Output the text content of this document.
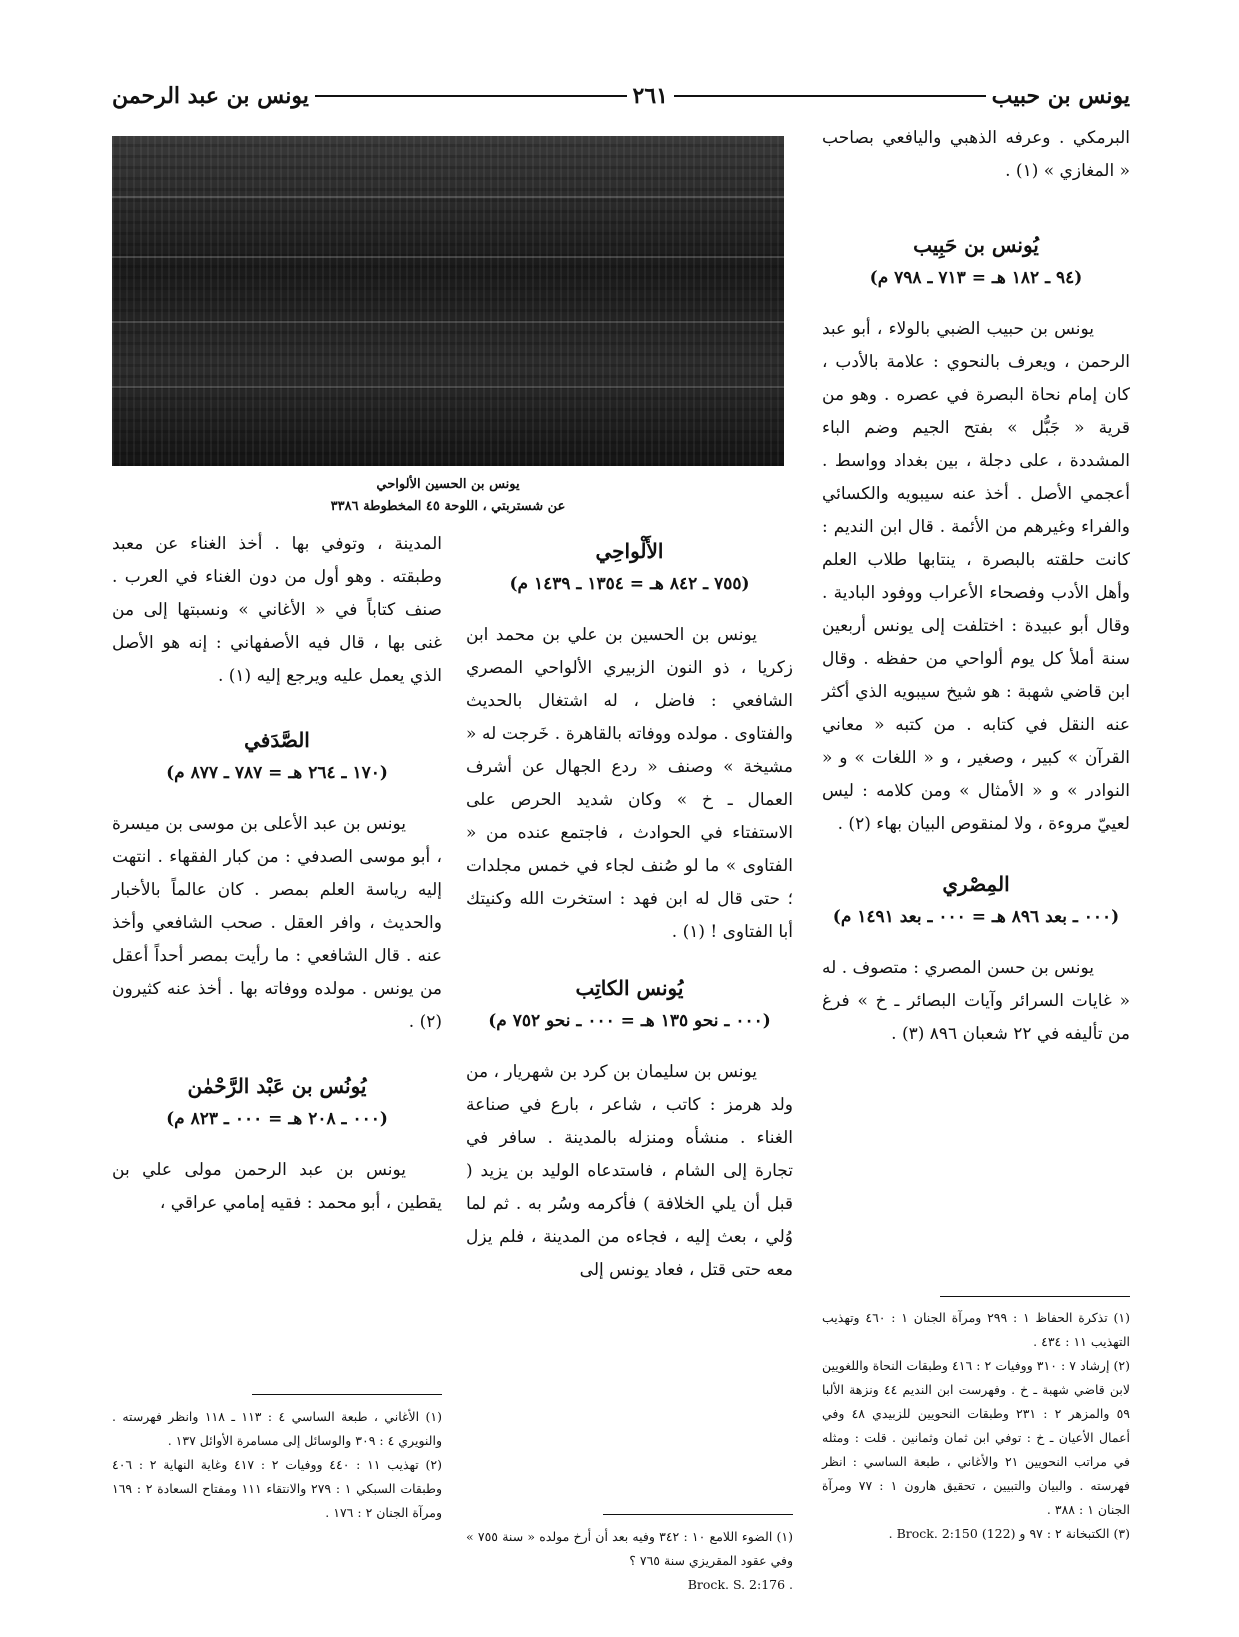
يونس بن عبد الرحمن	٢٦١	يونس بن حبيب
يونس بن الحسين الألواحي
عن شستربتي ، اللوحة ٤٥ المخطوطة ٣٣٨٦

البرمكي . وعرفه الذهبي واليافعي بصاحب « المغازي » (١) .

يُونس بن حَبِيب
(٩٤ ـ ١٨٢ هـ = ٧١٣ ـ ٧٩٨ م)

يونس بن حبيب الضبي بالولاء ، أبو عبد الرحمن ، ويعرف بالنحوي : علامة بالأدب ، كان إمام نحاة البصرة في عصره . وهو من قرية « جَبُّل » بفتح الجيم وضم الباء المشددة ، على دجلة ، بين بغداد وواسط . أعجمي الأصل . أخذ عنه سيبويه والكسائي والفراء وغيرهم من الأئمة . قال ابن النديم : كانت حلقته بالبصرة ، ينتابها طلاب العلم وأهل الأدب وفصحاء الأعراب ووفود البادية . وقال أبو عبيدة : اختلفت إلى يونس أربعين سنة أملأ كل يوم ألواحي من حفظه . وقال ابن قاضي شهبة : هو شيخ سيبويه الذي أكثر عنه النقل في كتابه . من كتبه « معاني القرآن » كبير ، وصغير ، و « اللغات » و « النوادر » و « الأمثال » ومن كلامه : ليس لعييّ مروءة ، ولا لمنقوص البيان بهاء (٢) .

المِصْري
(٠٠٠ ـ بعد ٨٩٦ هـ = ٠٠٠ ـ بعد ١٤٩١ م)

يونس بن حسن المصري : متصوف . له « غايات السرائر وآيات البصائر ـ خ » فرغ من تأليفه في ٢٢ شعبان ٨٩٦ (٣) .

(١) تذكرة الحفاظ ١ : ٢٩٩ ومرآة الجنان ١ : ٤٦٠ وتهذيب التهذيب ١١ : ٤٣٤ .
(٢) إرشاد ٧ : ٣١٠ ووفيات ٢ : ٤١٦ وطبقات النحاة واللغويين لابن قاضي شهبة ـ خ . وفهرست ابن النديم ٤٤ ونزهة الألبا ٥٩ والمزهر ٢ : ٢٣١ وطبقات النحويين للزبيدي ٤٨ وفي أعمال الأعيان ـ خ : توفي ابن ثمان وثمانين . قلت : ومثله في مراتب النحويين ٢١ والأغاني ، طبعة الساسي : انظر فهرسته . والبيان والتبيين ، تحقيق هارون ١ : ٧٧ ومرآة الجنان ١ : ٣٨٨ .
(٣) الكتبخانة ٢ : ٩٧ و (122) Brock. 2:150 .
الأَلْواحِي
(٧٥٥ ـ ٨٤٢ هـ = ١٣٥٤ ـ ١٤٣٩ م)

يونس بن الحسين بن علي بن محمد ابن زكريا ، ذو النون الزبيري الألواحي المصري الشافعي : فاضل ، له اشتغال بالحديث والفتاوى . مولده ووفاته بالقاهرة . خَرجت له « مشيخة » وصنف « ردع الجهال عن أشرف العمال ـ خ » وكان شديد الحرص على الاستفتاء في الحوادث ، فاجتمع عنده من « الفتاوى » ما لو صُنف لجاء في خمس مجلدات ؛ حتى قال له ابن فهد : استخرت الله وكنيتك أبا الفتاوى ! (١) .

يُونس الكاتِب
(٠٠٠ ـ نحو ١٣٥ هـ = ٠٠٠ ـ نحو ٧٥٢ م)

يونس بن سليمان بن كرد بن شهريار ، من ولد هرمز : كاتب ، شاعر ، بارع في صناعة الغناء . منشأه ومنزله بالمدينة . سافر في تجارة إلى الشام ، فاستدعاه الوليد بن يزيد ( قبل أن يلي الخلافة ) فأكرمه وسُر به . ثم لما وُلي ، بعث إليه ، فجاءه من المدينة ، فلم يزل معه حتى قتل ، فعاد يونس إلى

(١) الضوء اللامع ١٠ : ٣٤٢ وفيه بعد أن أرخ مولده « سنة ٧٥٥ » وفي عقود المقريزي سنة ٧٦٥ ؟
Brock. S. 2:176 .

المدينة ، وتوفي بها . أخذ الغناء عن معبد وطبقته . وهو أول من دون الغناء في العرب . صنف كتاباً في « الأغاني » ونسبتها إلى من غنى بها ، قال فيه الأصفهاني : إنه هو الأصل الذي يعمل عليه ويرجع إليه (١) .

الصَّدَفي
(١٧٠ ـ ٢٦٤ هـ = ٧٨٧ ـ ٨٧٧ م)

يونس بن عبد الأعلى بن موسى بن ميسرة ، أبو موسى الصدفي : من كبار الفقهاء . انتهت إليه رياسة العلم بمصر . كان عالماً بالأخبار والحديث ، وافر العقل . صحب الشافعي وأخذ عنه . قال الشافعي : ما رأيت بمصر أحداً أعقل من يونس . مولده ووفاته بها . أخذ عنه كثيرون (٢) .

يُونُس بن عَبْد الرَّحْمٰن
(٠٠٠ ـ ٢٠٨ هـ = ٠٠٠ ـ ٨٢٣ م)

يونس بن عبد الرحمن مولى علي بن يقطين ، أبو محمد : فقيه إمامي عراقي ،

(١) الأغاني ، طبعة الساسي ٤ : ١١٣ ـ ١١٨ وانظر فهرسته . والنويري ٤ : ٣٠٩ والوسائل إلى مسامرة الأوائل ١٣٧ .
(٢) تهذيب ١١ : ٤٤٠ ووفيات ٢ : ٤١٧ وغاية النهاية ٢ : ٤٠٦ وطبقات السبكي ١ : ٢٧٩ والانتقاء ١١١ ومفتاح السعادة ٢ : ١٦٩ ومرآة الجنان ٢ : ١٧٦ .
